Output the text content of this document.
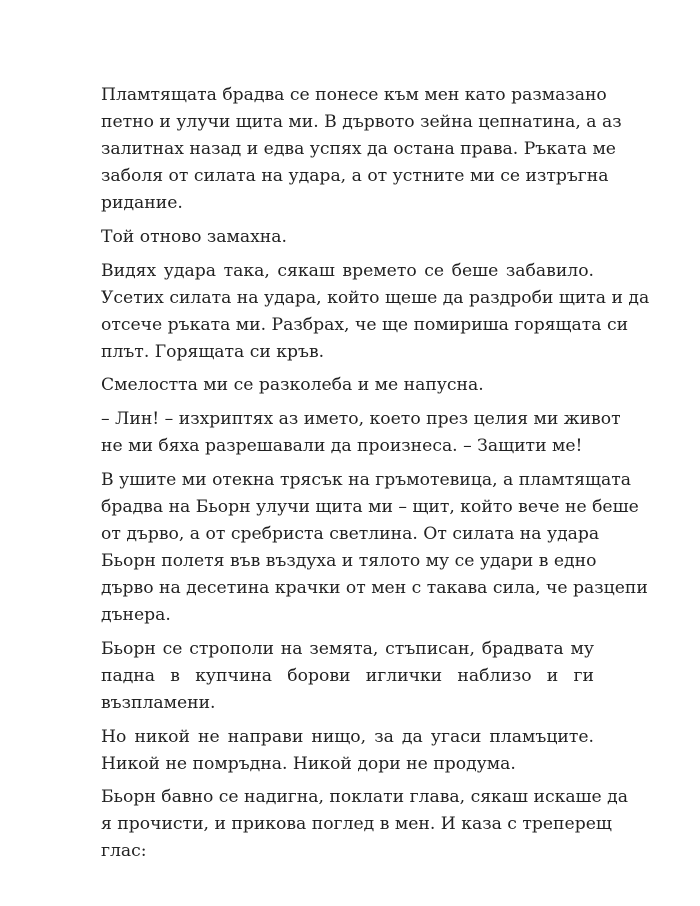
Пламтящата брадва се понесе към мен като размазано
петно и улучи щита ми. В дървото зейна цепнатина, а аз
залитнах назад и едва успях да остана права. Ръката ме
заболя от силата на удара, а от устните ми се изтръгна
ридание.
Той отново замахна.
Видях удара така, сякаш времето се беше забавило.
Усетих силата на удара, който щеше да раздроби щита и да
отсече ръката ми. Разбрах, че ще помириша горящата си
плът. Горящата си кръв.
Смелостта ми се разколеба и ме напусна.
– Лин! – изхриптях аз името, което през целия ми живот
не ми бяха разрешавали да произнеса. – Защити ме!
В ушите ми отекна трясък на гръмотевица, а пламтящата
брадва на Бьорн улучи щита ми – щит, който вече не беше
от дърво, а от сребриста светлина. От силата на удара
Бьорн полетя във въздуха и тялото му се удари в едно
дърво на десетина крачки от мен с такава сила, че разцепи
дънера.
Бьорн се строполи на земята, стъписан, брадвата му
падна в купчина борови иглички наблизо и ги
възпламени.
Но никой не направи нищо, за да угаси пламъците.
Никой не помръдна. Никой дори не продума.
Бьорн бавно се надигна, поклати глава, сякаш искаше да
я прочисти, и прикова поглед в мен. И каза с треперещ
глас:
